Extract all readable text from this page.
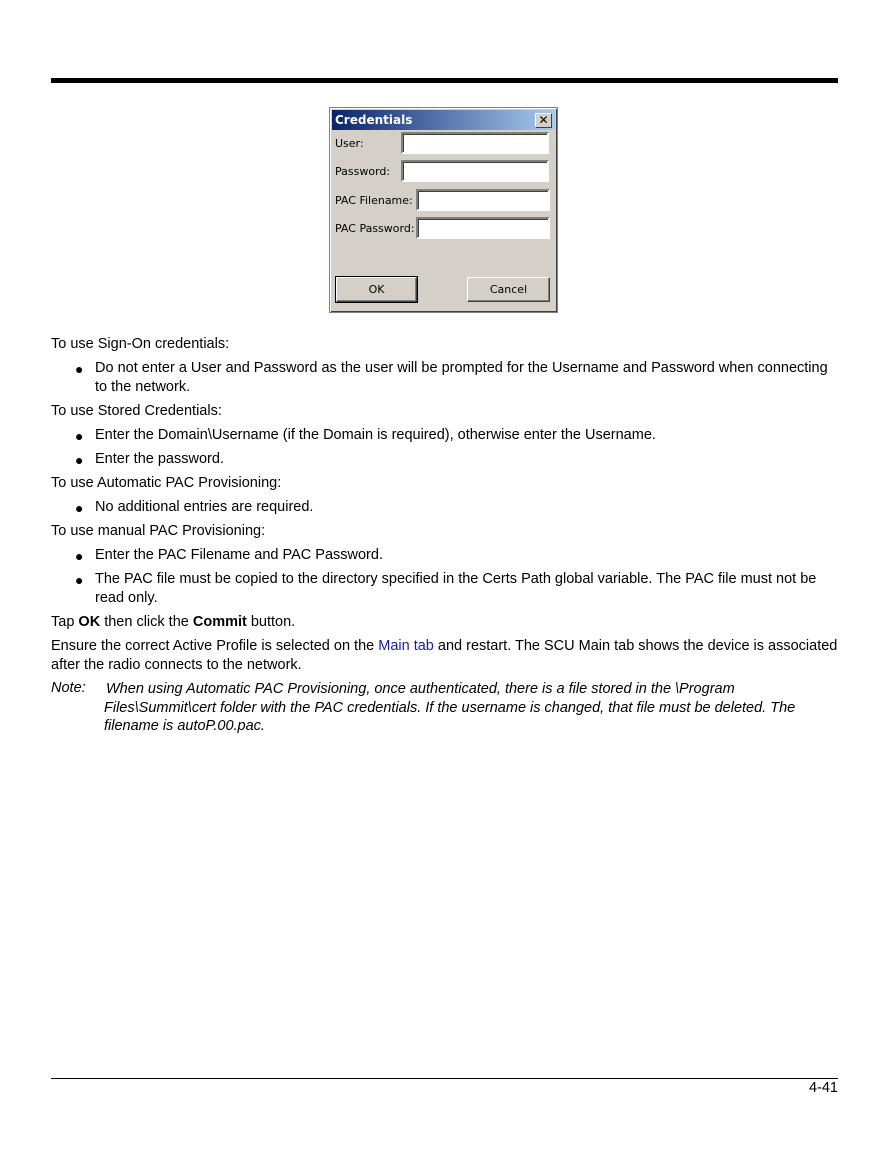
Credentials	✕
User:
Password:
PAC Filename:
PAC Password:
OK	Cancel
To use Sign-On credentials:
● Do not enter a User and Password as the user will be prompted for the Username and Password when connecting to the network.
To use Stored Credentials:
● Enter the Domain\Username (if the Domain is required), otherwise enter the Username.
● Enter the password.
To use Automatic PAC Provisioning:
● No additional entries are required.
To use manual PAC Provisioning:
● Enter the PAC Filename and PAC Password.
● The PAC file must be copied to the directory specified in the Certs Path global variable. The PAC file must not be read only.
Tap OK then click the Commit button.
Ensure the correct Active Profile is selected on the Main tab and restart. The SCU Main tab shows the device is associated after the radio connects to the network.
Note: When using Automatic PAC Provisioning, once authenticated, there is a file stored in the \Program Files\Summit\cert folder with the PAC credentials. If the username is changed, that file must be deleted. The filename is autoP.00.pac.
4-41
